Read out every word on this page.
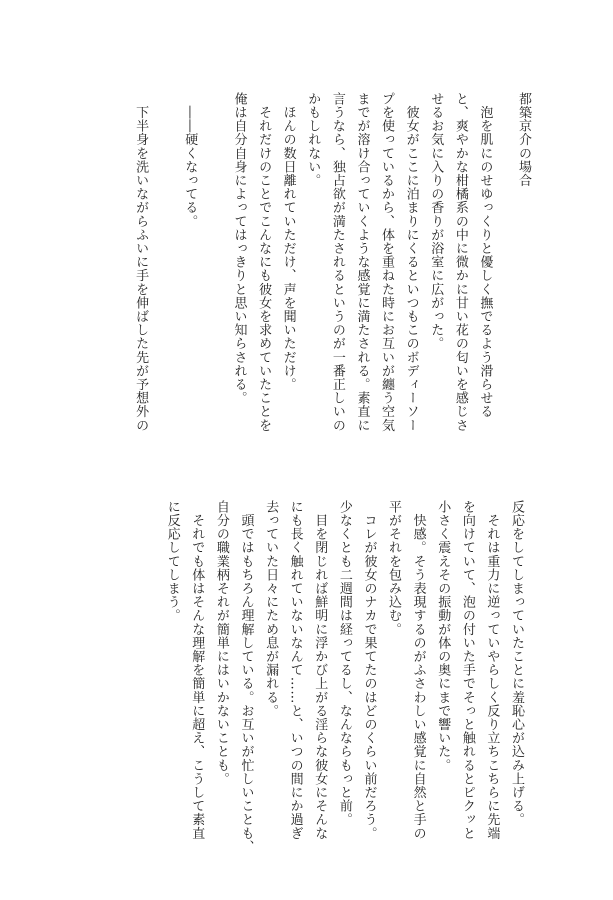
都築京介の場合
　泡を肌にのせゆっくりと優しく撫でるよう滑らせる
と、爽やかな柑橘系の中に微かに甘い花の匂いを感じさ
せるお気に入りの香りが浴室に広がった。
　彼女がここに泊まりにくるといつもこのボディーソー
プを使っているから、体を重ねた時にお互いが纏う空気
までが溶け合っていくような感覚に満たされる。素直に
言うなら、独占欲が満たされるというのが一番正しいの
かもしれない。
　ほんの数日離れていただけ、声を聞いただけ。
　それだけのことでこんなにも彼女を求めていたことを
俺は自分自身によってはっきりと思い知らされる。
　――硬くなってる。
　下半身を洗いながらふいに手を伸ばした先が予想外の
反応をしてしまっていたことに羞恥心が込み上げる。
　それは重力に逆っていやらしく反り立ちこちらに先端
を向けていて、泡の付いた手でそっと触れるとピクッと
小さく震えその振動が体の奥にまで響いた。
　快感。そう表現するのがふさわしい感覚に自然と手の
平がそれを包み込む。
　コレが彼女のナカで果てたのはどのくらい前だろう。
少なくとも二週間は経ってるし、なんならもっと前。
　目を閉じれば鮮明に浮かび上がる淫らな彼女にそんな
にも長く触れていないなんて……と、いつの間にか過ぎ
去っていた日々にため息が漏れる。
　頭ではもちろん理解している。お互いが忙しいことも、
自分の職業柄それが簡単にはいかないことも。
　それでも体はそんな理解を簡単に超え、こうして素直
に反応してしまう。
